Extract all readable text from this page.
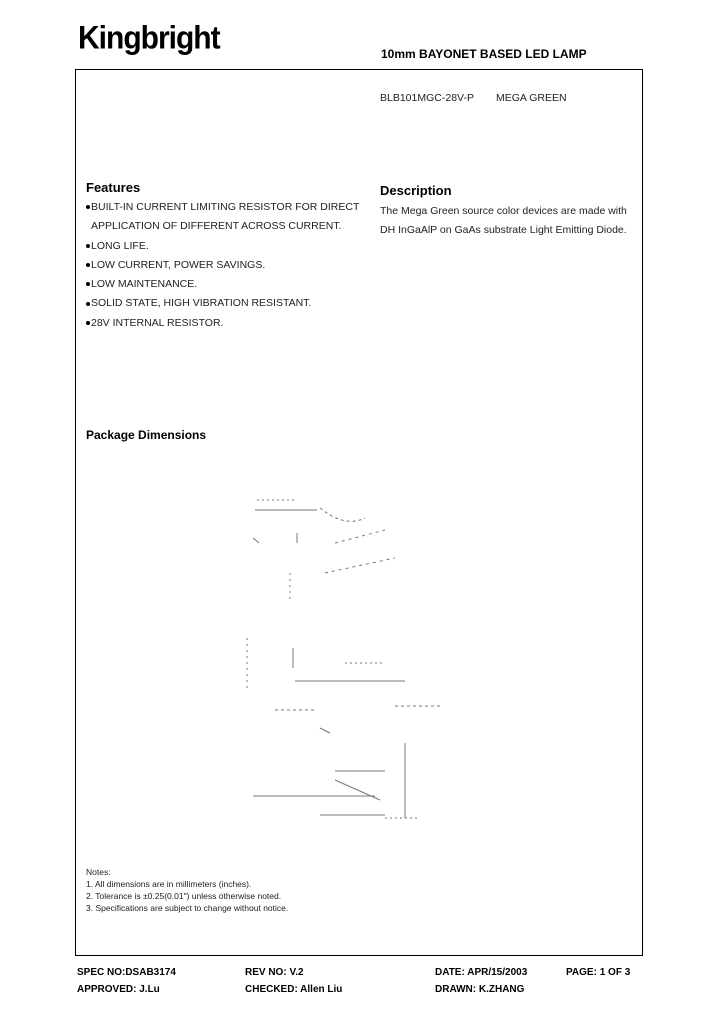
Kingbright	10mm BAYONET BASED LED LAMP
BLB101MGC-28V-P MEGA GREEN
Features
BUILT-IN CURRENT LIMITING RESISTOR FOR DIRECT
APPLICATION OF DIFFERENT ACROSS CURRENT.
LONG LIFE.
LOW CURRENT, POWER SAVINGS.
LOW MAINTENANCE.
SOLID STATE, HIGH VIBRATION RESISTANT.
28V INTERNAL RESISTOR.
Description
The Mega Green source color devices are made with DH InGaAlP on GaAs substrate Light Emitting Diode.
Package Dimensions
Notes:
1. All dimensions are in millimeters (inches).
2. Tolerance is ±0.25(0.01") unless otherwise noted.
3. Specifications are subject to change without notice.
SPEC NO:DSAB3174	REV NO: V.2	DATE: APR/15/2003	PAGE: 1 OF 3
APPROVED: J.Lu	CHECKED: Allen Liu	DRAWN: K.ZHANG
